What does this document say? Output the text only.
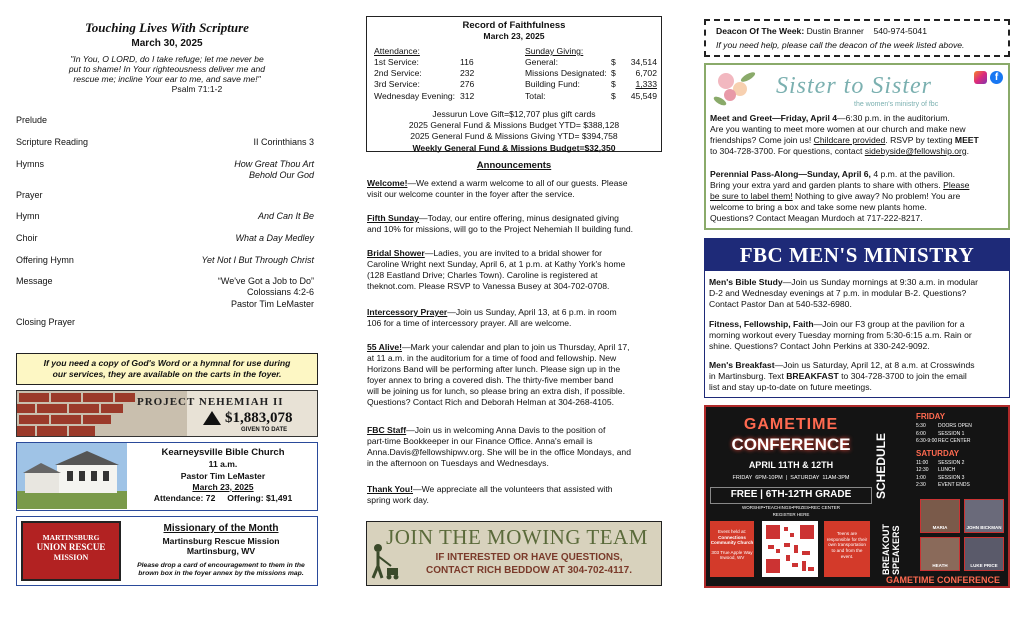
Touching Lives With Scripture
March 30, 2025
"In You, O LORD, do I take refuge; let me never be
put to shame! In Your righteousness deliver me and
rescue me; incline Your ear to me, and save me!"
Psalm 71:1-2
Prelude
Scripture Reading	II Corinthians 3
Hymns	How Great Thou Art
Behold Our God
Prayer
Hymn	And Can It Be
Choir	What a Day Medley
Offering Hymn	Yet Not I But Through Christ
Message	“We've Got a Job to Do”
Colossians 4:2-6
Pastor Tim LeMaster
Closing Prayer
If you need a copy of God's Word or a hymnal for use during
our services, they are available on the carts in the foyer.
PROJECT NEHEMIAH II
$1,883,078
GIVEN TO DATE
Kearneysville Bible Church
11 a.m.
Pastor Tim LeMaster
March 23, 2025
Attendance: 72     Offering: $1,491
MARTINSBURG
UNION RESCUE
MISSION
Missionary of the Month
Martinsburg Rescue Mission
Martinsburg, WV
Please drop a card of encouragement to them in the
brown box in the foyer annex by the missions map.
Record of Faithfulness
March 23, 2025
Attendance:
1st Service:	116
2nd Service:	232
3rd Service:	276
Wednesday Evening: 312
Sunday Giving:
General:	$ 34,514
Missions Designated: $ 6,702
Building Fund:	$ 1,333
Total:	$ 45,549
Jessurun Love Gift=$12,707 plus gift cards
2025 General Fund & Missions Budget YTD= $388,128
2025 General Fund & Missions Giving YTD= $394,758
Weekly General Fund & Missions Budget=$32,350
Announcements
Welcome!—We extend a warm welcome to all of our guests. Please
visit our welcome counter in the foyer after the service.
Fifth Sunday—Today, our entire offering, minus designated giving
and 10% for missions, will go to the Project Nehemiah II building fund.
Bridal Shower—Ladies, you are invited to a bridal shower for
Caroline Wright next Sunday, April 6, at 1 p.m. at Kathy York's home
(128 Eastland Drive; Charles Town). Caroline is registered at
theknot.com. Please RSVP to Vanessa Busey at 304-702-0708.
Intercessory Prayer—Join us Sunday, April 13, at 6 p.m. in room
106 for a time of intercessory prayer. All are welcome.
55 Alive!—Mark your calendar and plan to join us Thursday, April 17,
at 11 a.m. in the auditorium for a time of food and fellowship. New
Horizons Band will be performing after lunch. Please sign up in the
foyer annex to bring a covered dish. The thirty-five member band
will be joining us for lunch, so please bring an extra dish, if possible.
Questions? Contact Rich and Deborah Helman at 304-268-4105.
FBC Staff—Join us in welcoming Anna Davis to the position of
part-time Bookkeeper in our Finance Office. Anna's email is
Anna.Davis@fellowshipwv.org. She will be in the office Mondays, and
in the afternoon on Tuesdays and Wednesdays.
Thank You!—We appreciate all the volunteers that assisted with
spring work day.
JOIN THE MOWING TEAM
IF INTERESTED OR HAVE QUESTIONS,
CONTACT RICH BEDDOW AT 304-702-4117.
Deacon Of The Week: Dustin Branner 540-974-5041
If you need help, please call the deacon of the week listed above.
Sister to Sister
the women's ministry of fbc
f
Meet and Greet—Friday, April 4—6:30 p.m. in the auditorium.
Are you wanting to meet more women at our church and make new
friendships? Come join us! Childcare provided. RSVP by texting MEET
to 304-728-3700. For questions, contact sidebyside@fellowship.org.
Perennial Pass-Along—Sunday, April 6, 4 p.m. at the pavilion.
Bring your extra yard and garden plants to share with others. Please
be sure to label them! Nothing to give away? No problem! You are
welcome to bring a box and take some new plants home.
Questions? Contact Meagan Murdoch at 717-222-8217.
FBC MEN'S MINISTRY
Men's Bible Study—Join us Sunday mornings at 9:30 a.m. in modular
D-2 and Wednesday evenings at 7 p.m. in modular B-2. Questions?
Contact Pastor Dan at 540-532-6980.
Fitness, Fellowship, Faith—Join our F3 group at the pavilion for a
morning workout every Tuesday morning from 5:30-6:15 a.m. Rain or
shine. Questions? Contact John Perkins at 330-242-9092.
Men's Breakfast—Join us Saturday, April 12, at 8 a.m. at Crosswinds
in Martinsburg. Text BREAKFAST to 304-728-3700 to join the email
list and stay up-to-date on future meetings.
GAMETIME
CONFERENCE
APRIL 11TH & 12TH
FRIDAY  6PM-10PM  |  SATURDAY  11AM-3PM
FREE | 6TH-12TH GRADE
WORSHIP•TEACHINGS•PRIZES•REC CENTER
REGISTER HERE
Event held at:
Connections Community Church
303 True Apple Way Inwood, WV
Teens are responsible for their own transportation to and from the event.
SCHEDULE
BREAKOUT SPEAKERS
FRIDAY
5:30 DOORS OPEN
6:00 SESSION 1
6:30-9:00REC CENTER
SATURDAY
11:00 SESSION 2
12:30 LUNCH
1:00 SESSION 3
2:30 EVENT ENDS
MARIA	JOHN BICKMAN
HEATH	LUKE PRICE
GAMETIME CONFERENCE
